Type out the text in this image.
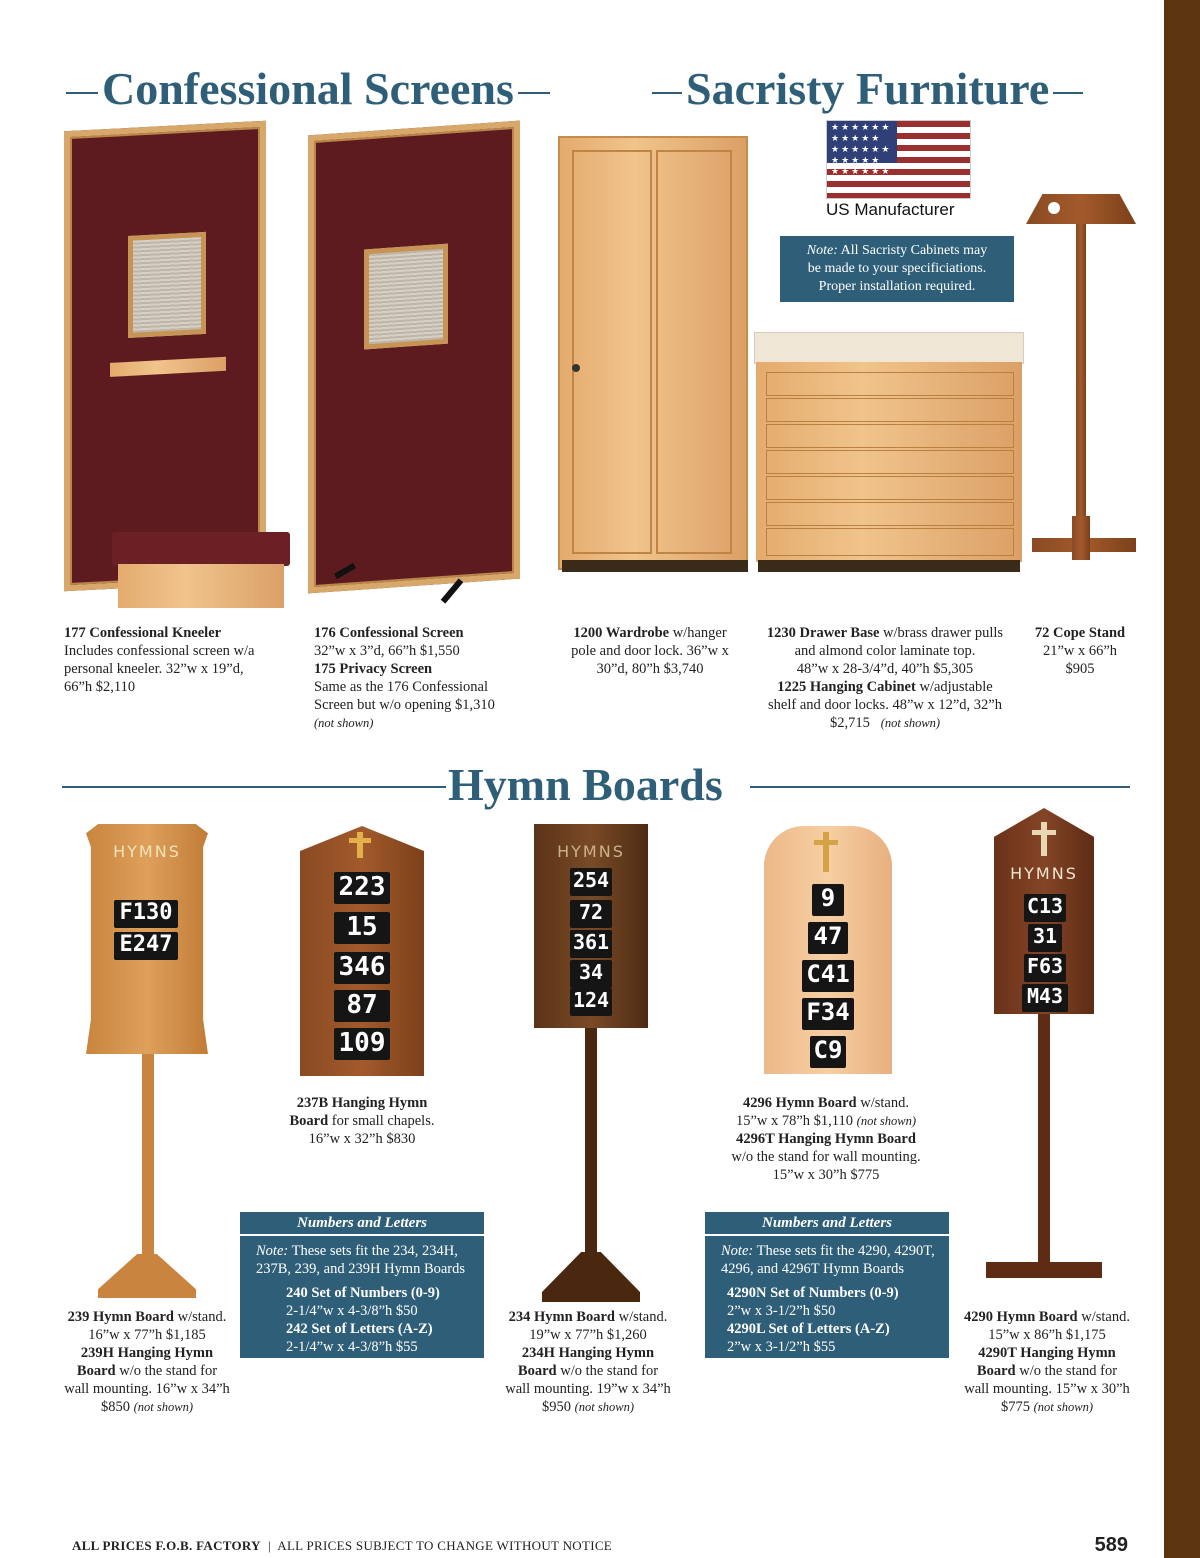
Confessional Screens	Sacristy Furniture
★★★★★★
★★★★★
★★★★★★
★★★★★
★★★★★★
US Manufacturer
Note: All Sacristy Cabinets may
be made to your specificiations.
Proper installation required.
177 Confessional Kneeler
Includes confessional screen w/a
personal kneeler. 32”w x 19”d,
66”h $2,110
176 Confessional Screen
32”w x 3”d, 66”h $1,550
175 Privacy Screen
Same as the 176 Confessional
Screen but w/o opening $1,310
(not shown)
1200 Wardrobe w/hanger
pole and door lock. 36”w x
30”d, 80”h $3,740
1230 Drawer Base w/brass drawer pulls
and almond color laminate top.
48”w x 28-3/4”d, 40”h $5,305
1225 Hanging Cabinet w/adjustable
shelf and door locks. 48”w x 12”d, 32”h
$2,715 (not shown)
72 Cope Stand
21”w x 66”h
$905
Hymn Boards
HYMNS
F130
E247
223
15
346
87
109
HYMNS
254
72
361
34
124
9
47
C41
F34
C9
HYMNS
C13
31
F63
M43
237B Hanging Hymn
Board for small chapels.
16”w x 32”h $830
4296 Hymn Board w/stand.
15”w x 78”h $1,110 (not shown)
4296T Hanging Hymn Board
w/o the stand for wall mounting.
15”w x 30”h $775
Numbers and Letters
Note: These sets fit the 234, 234H,
237B, 239, and 239H Hymn Boards
240 Set of Numbers (0-9)
2-1/4”w x 4-3/8”h $50
242 Set of Letters (A-Z)
2-1/4”w x 4-3/8”h $55
Numbers and Letters
Note: These sets fit the 4290, 4290T,
4296, and 4296T Hymn Boards
4290N Set of Numbers (0-9)
2”w x 3-1/2”h $50
4290L Set of Letters (A-Z)
2”w x 3-1/2”h $55
239 Hymn Board w/stand.
16”w x 77”h $1,185
239H Hanging Hymn
Board w/o the stand for
wall mounting. 16”w x 34”h
$850 (not shown)
234 Hymn Board w/stand.
19”w x 77”h $1,260
234H Hanging Hymn
Board w/o the stand for
wall mounting. 19”w x 34”h
$950 (not shown)
4290 Hymn Board w/stand.
15”w x 86”h $1,175
4290T Hanging Hymn
Board w/o the stand for
wall mounting. 15”w x 30”h
$775 (not shown)
ALL PRICES F.O.B. FACTORY | ALL PRICES SUBJECT TO CHANGE WITHOUT NOTICE	589
